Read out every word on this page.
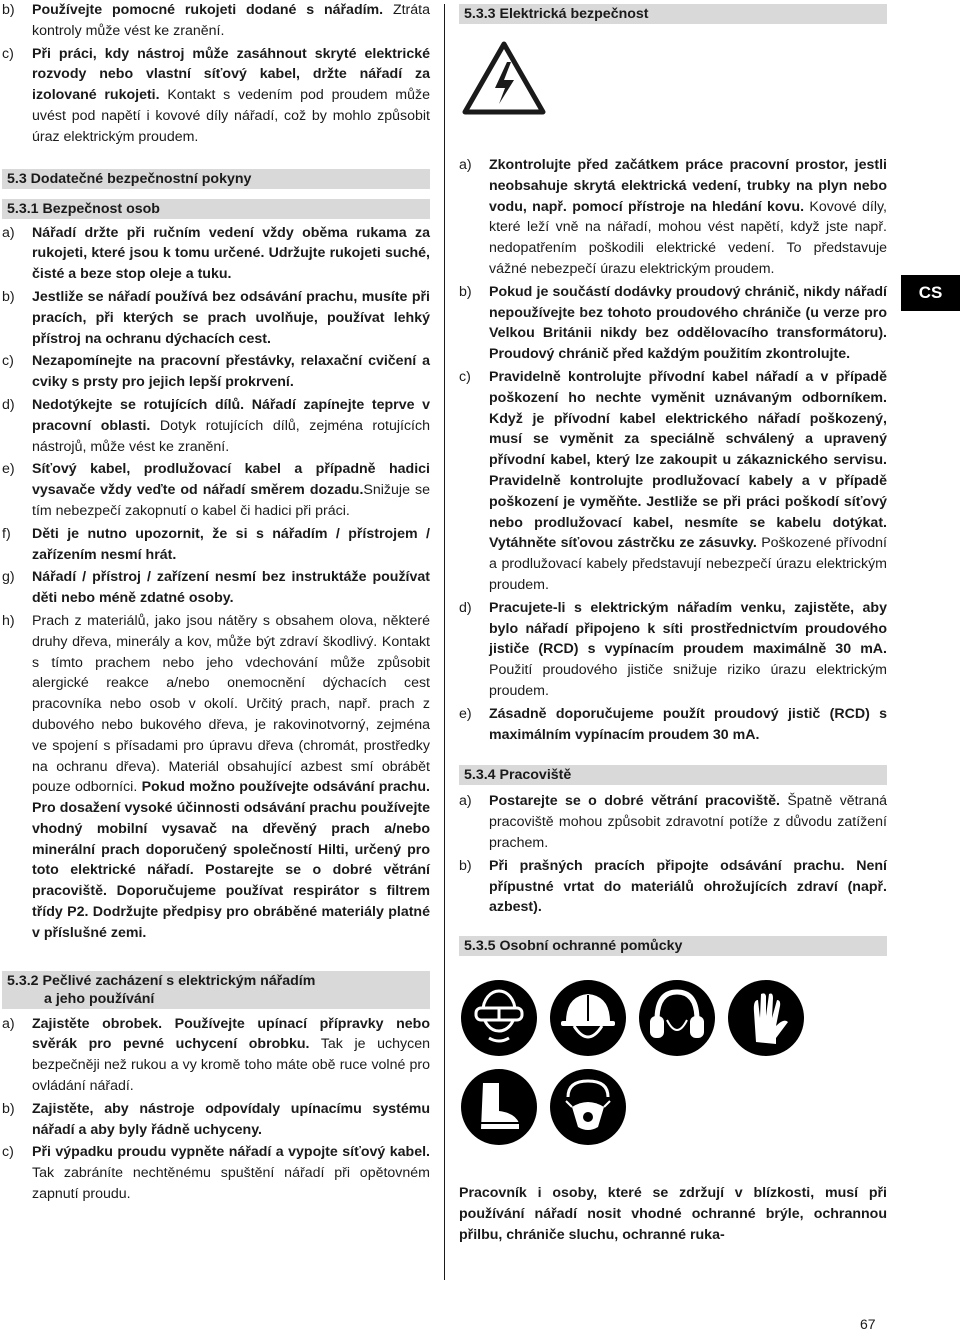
b)	Používejte pomocné rukojeti dodané s nářadím. Ztráta kontroly může vést ke zranění.
c)	Při práci, kdy nástroj může zasáhnout skryté elektrické rozvody nebo vlastní síťový kabel, držte nářadí za izolované rukojeti. Kontakt s vedením pod proudem může uvést pod napětí i kovové díly nářadí, což by mohlo způsobit úraz elektrickým proudem.
5.3 Dodatečné bezpečnostní pokyny
5.3.1 Bezpečnost osob
a)	Nářadí držte při ručním vedení vždy oběma rukama za rukojeti, které jsou k tomu určené. Udržujte rukojeti suché, čisté a beze stop oleje a tuku.
b)	Jestliže se nářadí používá bez odsávání prachu, musíte při pracích, při kterých se prach uvolňuje, používat lehký přístroj na ochranu dýchacích cest.
c)	Nezapomínejte na pracovní přestávky, relaxační cvičení a cviky s prsty pro jejich lepší prokrvení.
d)	Nedotýkejte se rotujících dílů. Nářadí zapínejte teprve v pracovní oblasti. Dotyk rotujících dílů, zejména rotujících nástrojů, může vést ke zranění.
e)	Síťový kabel, prodlužovací kabel a případně hadici vysavače vždy veďte od nářadí směrem dozadu.Snižuje se tím nebezpečí zakopnutí o kabel či hadici při práci.
f)	Děti je nutno upozornit, že si s nářadím / přístrojem / zařízením nesmí hrát.
g)	Nářadí / přístroj / zařízení nesmí bez instruktáže používat děti nebo méně zdatné osoby.
h)	Prach z materiálů, jako jsou nátěry s obsahem olova, některé druhy dřeva, minerály a kov, může být zdraví škodlivý. Kontakt s tímto prachem nebo jeho vdechování může způsobit alergické reakce a/nebo onemocnění dýchacích cest pracovníka nebo osob v okolí. Určitý prach, např. prach z dubového nebo bukového dřeva, je rakovinotvorný, zejména ve spojení s přísadami pro úpravu dřeva (chromát, prostředky na ochranu dřeva). Materiál obsahující azbest smí obrábět pouze odborníci. Pokud možno používejte odsávání prachu. Pro dosažení vysoké účinnosti odsávání prachu používejte vhodný mobilní vysavač na dřevěný prach a/nebo minerální prach doporučený společností Hilti, určený pro toto elektrické nářadí. Postarejte se o dobré větrání pracoviště. Doporučujeme používat respirátor s filtrem třídy P2. Dodržujte předpisy pro obráběné materiály platné v příslušné zemi.
5.3.2 Pečlivé zacházení s elektrickým nářadím
a jeho používání
a)	Zajistěte obrobek. Používejte upínací přípravky nebo svěrák pro pevné uchycení obrobku. Tak je uchycen bezpečněji než rukou a vy kromě toho máte obě ruce volné pro ovládání nářadí.
b)	Zajistěte, aby nástroje odpovídaly upínacímu systému nářadí a aby byly řádně uchyceny.
c)	Při výpadku proudu vypněte nářadí a vypojte síťový kabel. Tak zabráníte nechtěnému spuštění nářadí při opětovném zapnutí proudu.
5.3.3 Elektrická bezpečnost
a)	Zkontrolujte před začátkem práce pracovní prostor, jestli neobsahuje skrytá elektrická vedení, trubky na plyn nebo vodu, např. pomocí přístroje na hledání kovu. Kovové díly, které leží vně na nářadí, mohou vést napětí, když jste např. nedopatřením poškodili elektrické vedení. To představuje vážné nebezpečí úrazu elektrickým proudem.
b)	Pokud je součástí dodávky proudový chránič, nikdy nářadí nepoužívejte bez tohoto proudového chrániče (u verze pro Velkou Británii nikdy bez oddělovacího transformátoru). Proudový chránič před každým použitím zkontrolujte.
c)	Pravidelně kontrolujte přívodní kabel nářadí a v případě poškození ho nechte vyměnit uznávaným odborníkem. Když je přívodní kabel elektrického nářadí poškozený, musí se vyměnit za speciálně schválený a upravený přívodní kabel, který lze zakoupit u zákaznického servisu. Pravidelně kontrolujte prodlužovací kabely a v případě poškození je vyměňte. Jestliže se při práci poškodí síťový nebo prodlužovací kabel, nesmíte se kabelu dotýkat. Vytáhněte síťovou zástrčku ze zásuvky. Poškozené přívodní a prodlužovací kabely představují nebezpečí úrazu elektrickým proudem.
d)	Pracujete-li s elektrickým nářadím venku, zajistěte, aby bylo nářadí připojeno k síti prostřednictvím proudového jističe (RCD) s vypínacím proudem maximálně 30 mA. Použití proudového jističe snižuje riziko úrazu elektrickým proudem.
e)	Zásadně doporučujeme použít proudový jistič (RCD) s maximálním vypínacím proudem 30 mA.
5.3.4 Pracoviště
a)	Postarejte se o dobré větrání pracoviště. Špatně větraná pracoviště mohou způsobit zdravotní potíže z důvodu zatížení prachem.
b)	Při prašných pracích připojte odsávání prachu. Není přípustné vrtat do materiálů ohrožujících zdraví (např. azbest).
5.3.5 Osobní ochranné pomůcky
Pracovník i osoby, které se zdržují v blízkosti, musí při používání nářadí nosit vhodné ochranné brýle, ochrannou přilbu, chrániče sluchu, ochranné ruka-
CS
67
